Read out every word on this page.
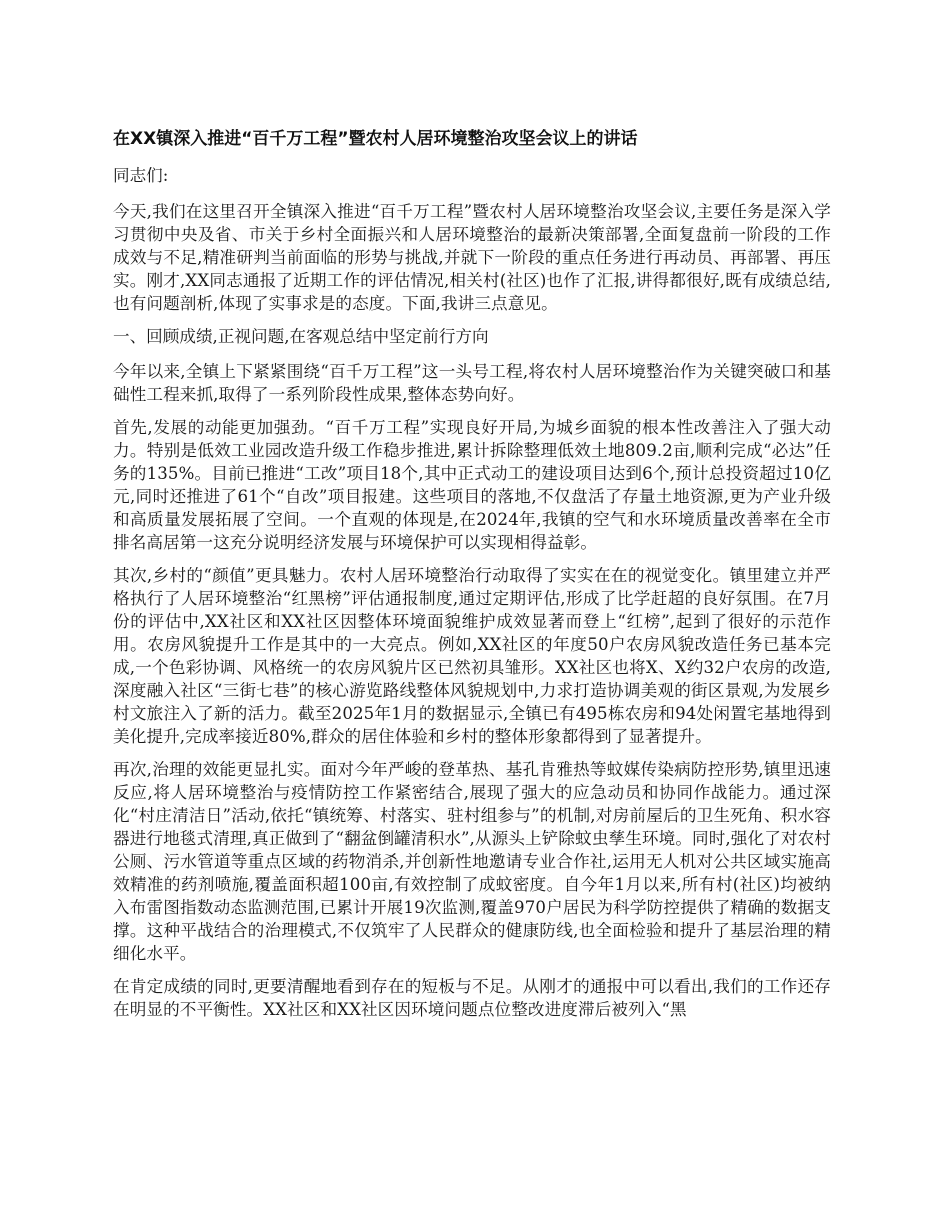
在XX镇深入推进“百千万工程”暨农村人居环境整治攻坚会议上的讲话
同志们:
今天,我们在这里召开全镇深入推进“百千万工程”暨农村人居环境整治攻坚会议,主要任务是深入学习贯彻中央及省、市关于乡村全面振兴和人居环境整治的最新决策部署,全面复盘前一阶段的工作成效与不足,精准研判当前面临的形势与挑战,并就下一阶段的重点任务进行再动员、再部署、再压实。刚才,XX同志通报了近期工作的评估情况,相关村(社区)也作了汇报,讲得都很好,既有成绩总结,也有问题剖析,体现了实事求是的态度。下面,我讲三点意见。
一、回顾成绩,正视问题,在客观总结中坚定前行方向
今年以来,全镇上下紧紧围绕“百千万工程”这一头号工程,将农村人居环境整治作为关键突破口和基础性工程来抓,取得了一系列阶段性成果,整体态势向好。
首先,发展的动能更加强劲。“百千万工程”实现良好开局,为城乡面貌的根本性改善注入了强大动力。特别是低效工业园改造升级工作稳步推进,累计拆除整理低效土地809.2亩,顺利完成“必达”任务的135%。目前已推进“工改”项目18个,其中正式动工的建设项目达到6个,预计总投资超过10亿元,同时还推进了61个“自改”项目报建。这些项目的落地,不仅盘活了存量土地资源,更为产业升级和高质量发展拓展了空间。一个直观的体现是,在2024年,我镇的空气和水环境质量改善率在全市排名高居第一这充分说明经济发展与环境保护可以实现相得益彰。
其次,乡村的“颜值”更具魅力。农村人居环境整治行动取得了实实在在的视觉变化。镇里建立并严格执行了人居环境整治“红黑榜”评估通报制度,通过定期评估,形成了比学赶超的良好氛围。在7月份的评估中,XX社区和XX社区因整体环境面貌维护成效显著而登上“红榜”,起到了很好的示范作用。农房风貌提升工作是其中的一大亮点。例如,XX社区的年度50户农房风貌改造任务已基本完成,一个色彩协调、风格统一的农房风貌片区已然初具雏形。XX社区也将X、X约32户农房的改造,深度融入社区“三街七巷”的核心游览路线整体风貌规划中,力求打造协调美观的街区景观,为发展乡村文旅注入了新的活力。截至2025年1月的数据显示,全镇已有495栋农房和94处闲置宅基地得到美化提升,完成率接近80%,群众的居住体验和乡村的整体形象都得到了显著提升。
再次,治理的效能更显扎实。面对今年严峻的登革热、基孔肯雅热等蚊媒传染病防控形势,镇里迅速反应,将人居环境整治与疫情防控工作紧密结合,展现了强大的应急动员和协同作战能力。通过深化“村庄清洁日”活动,依托“镇统筹、村落实、驻村组参与”的机制,对房前屋后的卫生死角、积水容器进行地毯式清理,真正做到了“翻盆倒罐清积水”,从源头上铲除蚊虫孳生环境。同时,强化了对农村公厕、污水管道等重点区域的药物消杀,并创新性地邀请专业合作社,运用无人机对公共区域实施高效精准的药剂喷施,覆盖面积超100亩,有效控制了成蚊密度。自今年1月以来,所有村(社区)均被纳入布雷图指数动态监测范围,已累计开展19次监测,覆盖970户居民为科学防控提供了精确的数据支撑。这种平战结合的治理模式,不仅筑牢了人民群众的健康防线,也全面检验和提升了基层治理的精细化水平。
在肯定成绩的同时,更要清醒地看到存在的短板与不足。从刚才的通报中可以看出,我们的工作还存在明显的不平衡性。XX社区和XX社区因环境问题点位整改进度滞后被列入“黑
